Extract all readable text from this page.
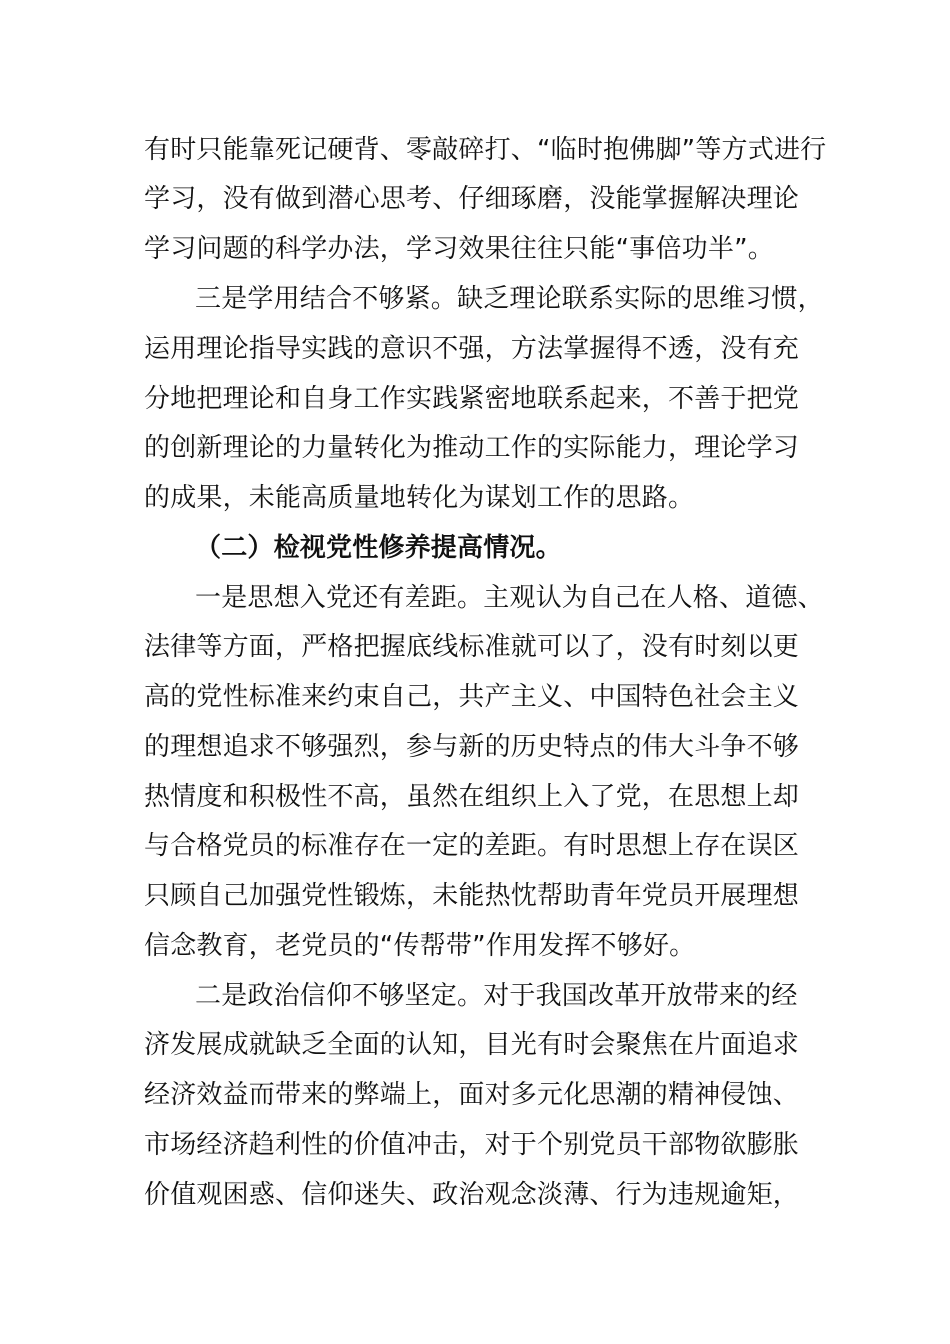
有时只能靠死记硬背、零敲碎打、“临时抱佛脚”等方式进行
学习，没有做到潜心思考、仔细琢磨，没能掌握解决理论
学习问题的科学办法，学习效果往往只能“事倍功半”。
三是学用结合不够紧。缺乏理论联系实际的思维习惯，
运用理论指导实践的意识不强，方法掌握得不透，没有充
分地把理论和自身工作实践紧密地联系起来，不善于把党
的创新理论的力量转化为推动工作的实际能力，理论学习
的成果，未能高质量地转化为谋划工作的思路。
（二）检视党性修养提高情况。
一是思想入党还有差距。主观认为自己在人格、道德、
法律等方面，严格把握底线标准就可以了，没有时刻以更
高的党性标准来约束自己，共产主义、中国特色社会主义
的理想追求不够强烈，参与新的历史特点的伟大斗争不够
热情度和积极性不高，虽然在组织上入了党，在思想上却
与合格党员的标准存在一定的差距。有时思想上存在误区
只顾自己加强党性锻炼，未能热忱帮助青年党员开展理想
信念教育，老党员的“传帮带”作用发挥不够好。
二是政治信仰不够坚定。对于我国改革开放带来的经
济发展成就缺乏全面的认知，目光有时会聚焦在片面追求
经济效益而带来的弊端上，面对多元化思潮的精神侵蚀、
市场经济趋利性的价值冲击，对于个别党员干部物欲膨胀
价值观困惑、信仰迷失、政治观念淡薄、行为违规逾矩，
